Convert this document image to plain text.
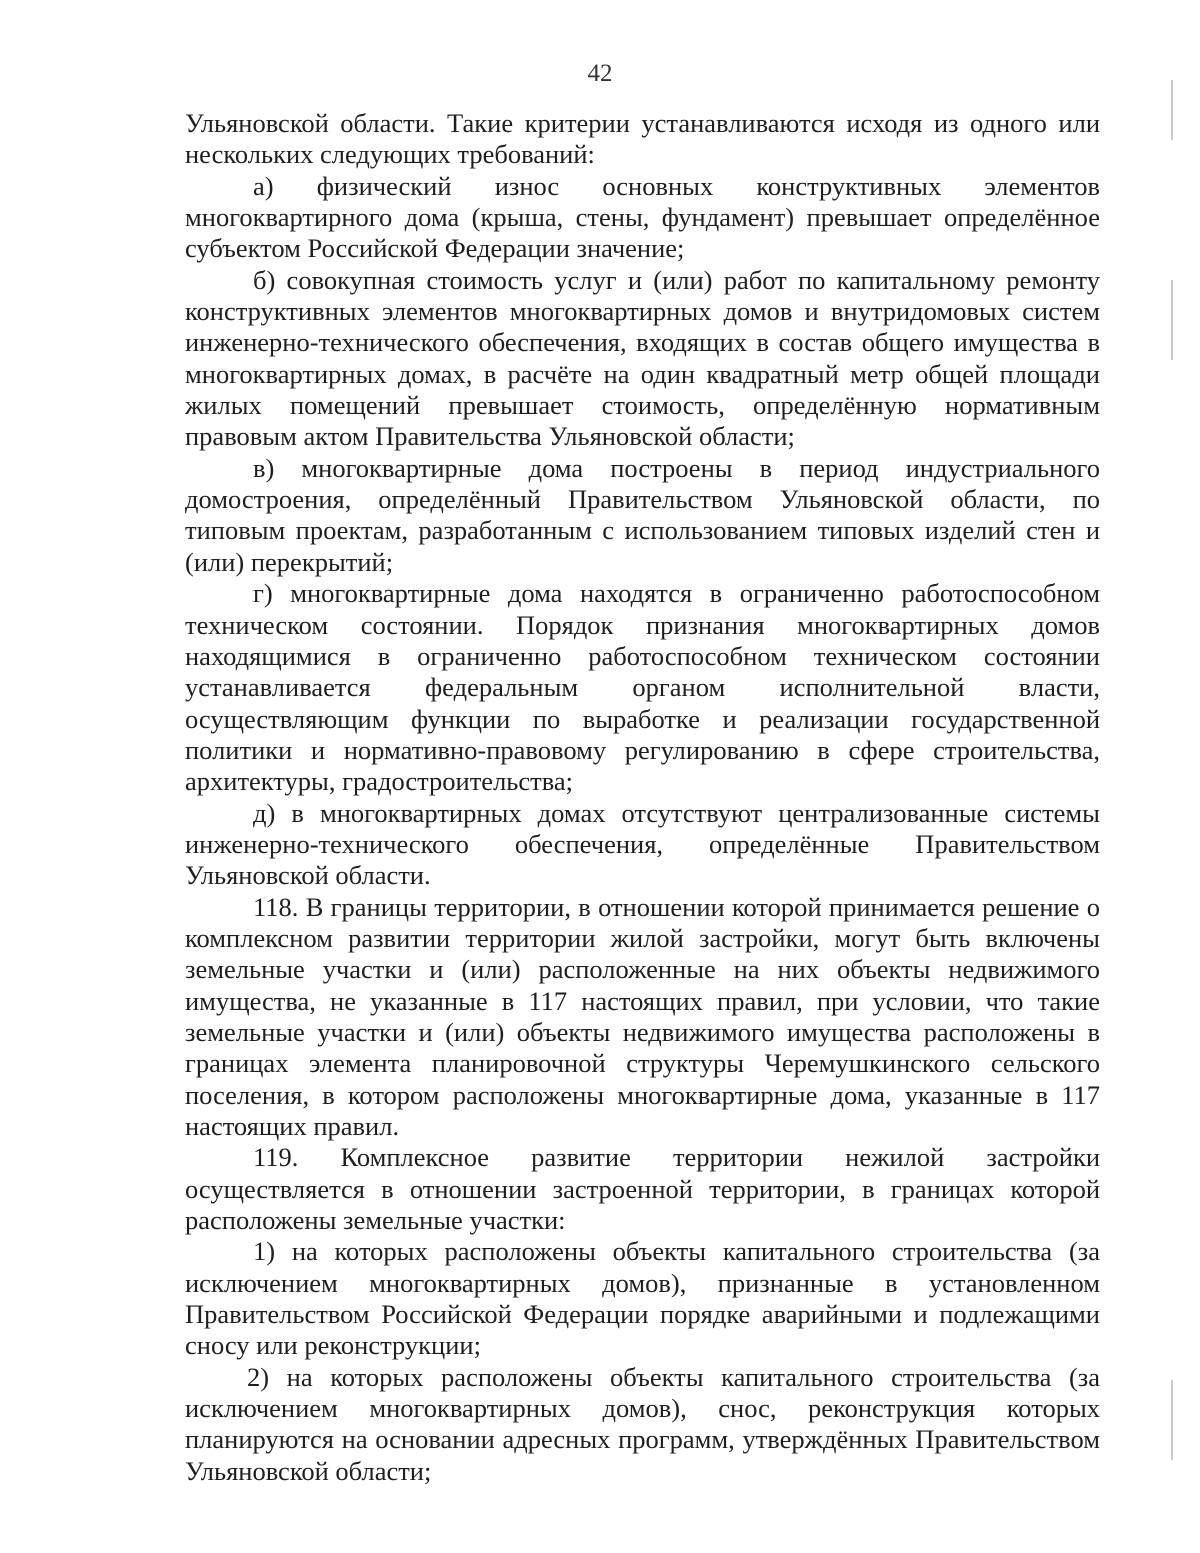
42

Ульяновской области. Такие критерии устанавливаются исходя из одного или нескольких следующих требований:

а) физический износ основных конструктивных элементов многоквартирного дома (крыша, стены, фундамент) превышает определённое субъектом Российской Федерации значение;

б) совокупная стоимость услуг и (или) работ по капитальному ремонту конструктивных элементов многоквартирных домов и внутридомовых систем инженерно-технического обеспечения, входящих в состав общего имущества в многоквартирных домах, в расчёте на один квадратный метр общей площади жилых помещений превышает стоимость, определённую нормативным правовым актом Правительства Ульяновской области;

в) многоквартирные дома построены в период индустриального домостроения, определённый Правительством Ульяновской области, по типовым проектам, разработанным с использованием типовых изделий стен и (или) перекрытий;

г) многоквартирные дома находятся в ограниченно работоспособном техническом состоянии. Порядок признания многоквартирных домов находящимися в ограниченно работоспособном техническом состоянии устанавливается федеральным органом исполнительной власти, осуществляющим функции по выработке и реализации государственной политики и нормативно-правовому регулированию в сфере строительства, архитектуры, градостроительства;

д) в многоквартирных домах отсутствуют централизованные системы инженерно-технического обеспечения, определённые Правительством Ульяновской области.

118. В границы территории, в отношении которой принимается решение о комплексном развитии территории жилой застройки, могут быть включены земельные участки и (или) расположенные на них объекты недвижимого имущества, не указанные в 117 настоящих правил, при условии, что такие земельные участки и (или) объекты недвижимого имущества расположены в границах элемента планировочной структуры Черемушкинского сельского поселения, в котором расположены многоквартирные дома, указанные в 117 настоящих правил.

119. Комплексное развитие территории нежилой застройки осуществляется в отношении застроенной территории, в границах которой расположены земельные участки:

1) на которых расположены объекты капитального строительства (за исключением многоквартирных домов), признанные в установленном Правительством Российской Федерации порядке аварийными и подлежащими сносу или реконструкции;

2) на которых расположены объекты капитального строительства (за исключением многоквартирных домов), снос, реконструкция которых планируются на основании адресных программ, утверждённых Правительством Ульяновской области;
